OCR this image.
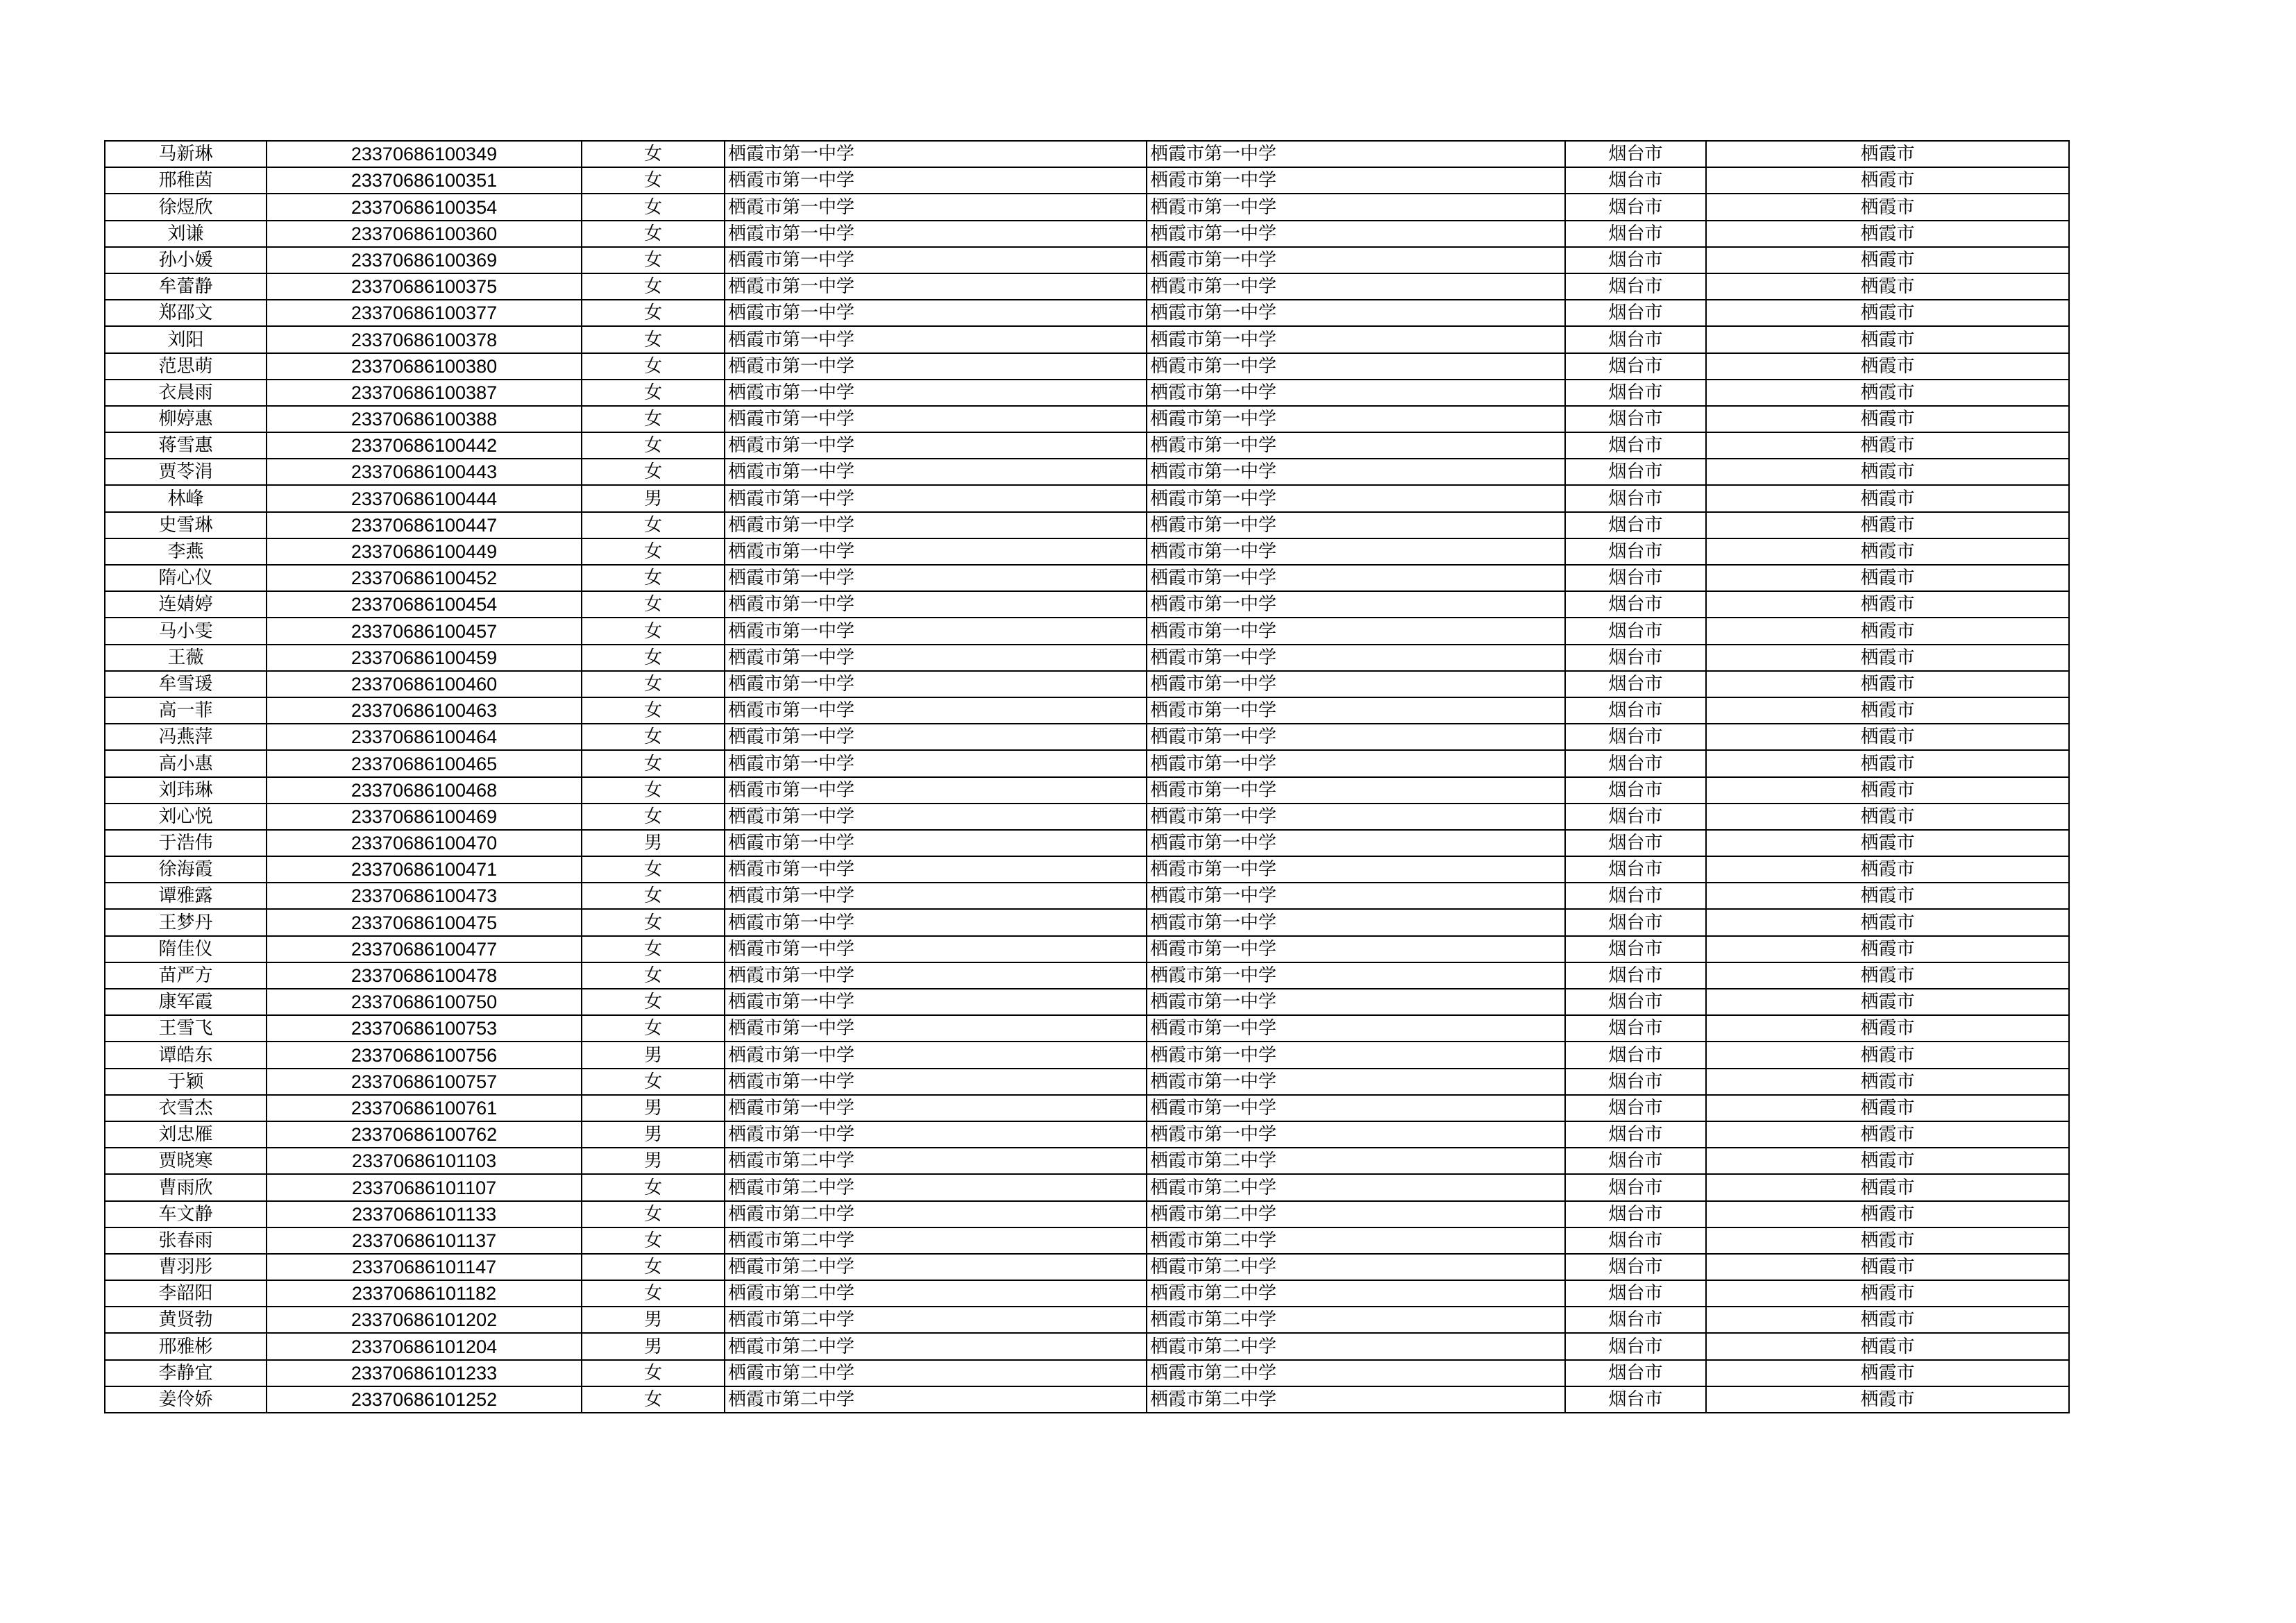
马新琳	23370686100349	女	栖霞市第一中学	栖霞市第一中学	烟台市	栖霞市
邢稚茵	23370686100351	女	栖霞市第一中学	栖霞市第一中学	烟台市	栖霞市
徐煜欣	23370686100354	女	栖霞市第一中学	栖霞市第一中学	烟台市	栖霞市
刘谦	23370686100360	女	栖霞市第一中学	栖霞市第一中学	烟台市	栖霞市
孙小媛	23370686100369	女	栖霞市第一中学	栖霞市第一中学	烟台市	栖霞市
牟蕾静	23370686100375	女	栖霞市第一中学	栖霞市第一中学	烟台市	栖霞市
郑邵文	23370686100377	女	栖霞市第一中学	栖霞市第一中学	烟台市	栖霞市
刘阳	23370686100378	女	栖霞市第一中学	栖霞市第一中学	烟台市	栖霞市
范思萌	23370686100380	女	栖霞市第一中学	栖霞市第一中学	烟台市	栖霞市
衣晨雨	23370686100387	女	栖霞市第一中学	栖霞市第一中学	烟台市	栖霞市
柳婷惠	23370686100388	女	栖霞市第一中学	栖霞市第一中学	烟台市	栖霞市
蒋雪惠	23370686100442	女	栖霞市第一中学	栖霞市第一中学	烟台市	栖霞市
贾苓涓	23370686100443	女	栖霞市第一中学	栖霞市第一中学	烟台市	栖霞市
林峰	23370686100444	男	栖霞市第一中学	栖霞市第一中学	烟台市	栖霞市
史雪琳	23370686100447	女	栖霞市第一中学	栖霞市第一中学	烟台市	栖霞市
李燕	23370686100449	女	栖霞市第一中学	栖霞市第一中学	烟台市	栖霞市
隋心仪	23370686100452	女	栖霞市第一中学	栖霞市第一中学	烟台市	栖霞市
连婧婷	23370686100454	女	栖霞市第一中学	栖霞市第一中学	烟台市	栖霞市
马小雯	23370686100457	女	栖霞市第一中学	栖霞市第一中学	烟台市	栖霞市
王薇	23370686100459	女	栖霞市第一中学	栖霞市第一中学	烟台市	栖霞市
牟雪瑗	23370686100460	女	栖霞市第一中学	栖霞市第一中学	烟台市	栖霞市
高一菲	23370686100463	女	栖霞市第一中学	栖霞市第一中学	烟台市	栖霞市
冯燕萍	23370686100464	女	栖霞市第一中学	栖霞市第一中学	烟台市	栖霞市
高小惠	23370686100465	女	栖霞市第一中学	栖霞市第一中学	烟台市	栖霞市
刘玮琳	23370686100468	女	栖霞市第一中学	栖霞市第一中学	烟台市	栖霞市
刘心悦	23370686100469	女	栖霞市第一中学	栖霞市第一中学	烟台市	栖霞市
于浩伟	23370686100470	男	栖霞市第一中学	栖霞市第一中学	烟台市	栖霞市
徐海霞	23370686100471	女	栖霞市第一中学	栖霞市第一中学	烟台市	栖霞市
谭雅露	23370686100473	女	栖霞市第一中学	栖霞市第一中学	烟台市	栖霞市
王梦丹	23370686100475	女	栖霞市第一中学	栖霞市第一中学	烟台市	栖霞市
隋佳仪	23370686100477	女	栖霞市第一中学	栖霞市第一中学	烟台市	栖霞市
苗严方	23370686100478	女	栖霞市第一中学	栖霞市第一中学	烟台市	栖霞市
康军霞	23370686100750	女	栖霞市第一中学	栖霞市第一中学	烟台市	栖霞市
王雪飞	23370686100753	女	栖霞市第一中学	栖霞市第一中学	烟台市	栖霞市
谭皓东	23370686100756	男	栖霞市第一中学	栖霞市第一中学	烟台市	栖霞市
于颖	23370686100757	女	栖霞市第一中学	栖霞市第一中学	烟台市	栖霞市
衣雪杰	23370686100761	男	栖霞市第一中学	栖霞市第一中学	烟台市	栖霞市
刘忠雁	23370686100762	男	栖霞市第一中学	栖霞市第一中学	烟台市	栖霞市
贾晓寒	23370686101103	男	栖霞市第二中学	栖霞市第二中学	烟台市	栖霞市
曹雨欣	23370686101107	女	栖霞市第二中学	栖霞市第二中学	烟台市	栖霞市
车文静	23370686101133	女	栖霞市第二中学	栖霞市第二中学	烟台市	栖霞市
张春雨	23370686101137	女	栖霞市第二中学	栖霞市第二中学	烟台市	栖霞市
曹羽彤	23370686101147	女	栖霞市第二中学	栖霞市第二中学	烟台市	栖霞市
李韶阳	23370686101182	女	栖霞市第二中学	栖霞市第二中学	烟台市	栖霞市
黄贤勃	23370686101202	男	栖霞市第二中学	栖霞市第二中学	烟台市	栖霞市
邢雅彬	23370686101204	男	栖霞市第二中学	栖霞市第二中学	烟台市	栖霞市
李静宜	23370686101233	女	栖霞市第二中学	栖霞市第二中学	烟台市	栖霞市
姜伶娇	23370686101252	女	栖霞市第二中学	栖霞市第二中学	烟台市	栖霞市
